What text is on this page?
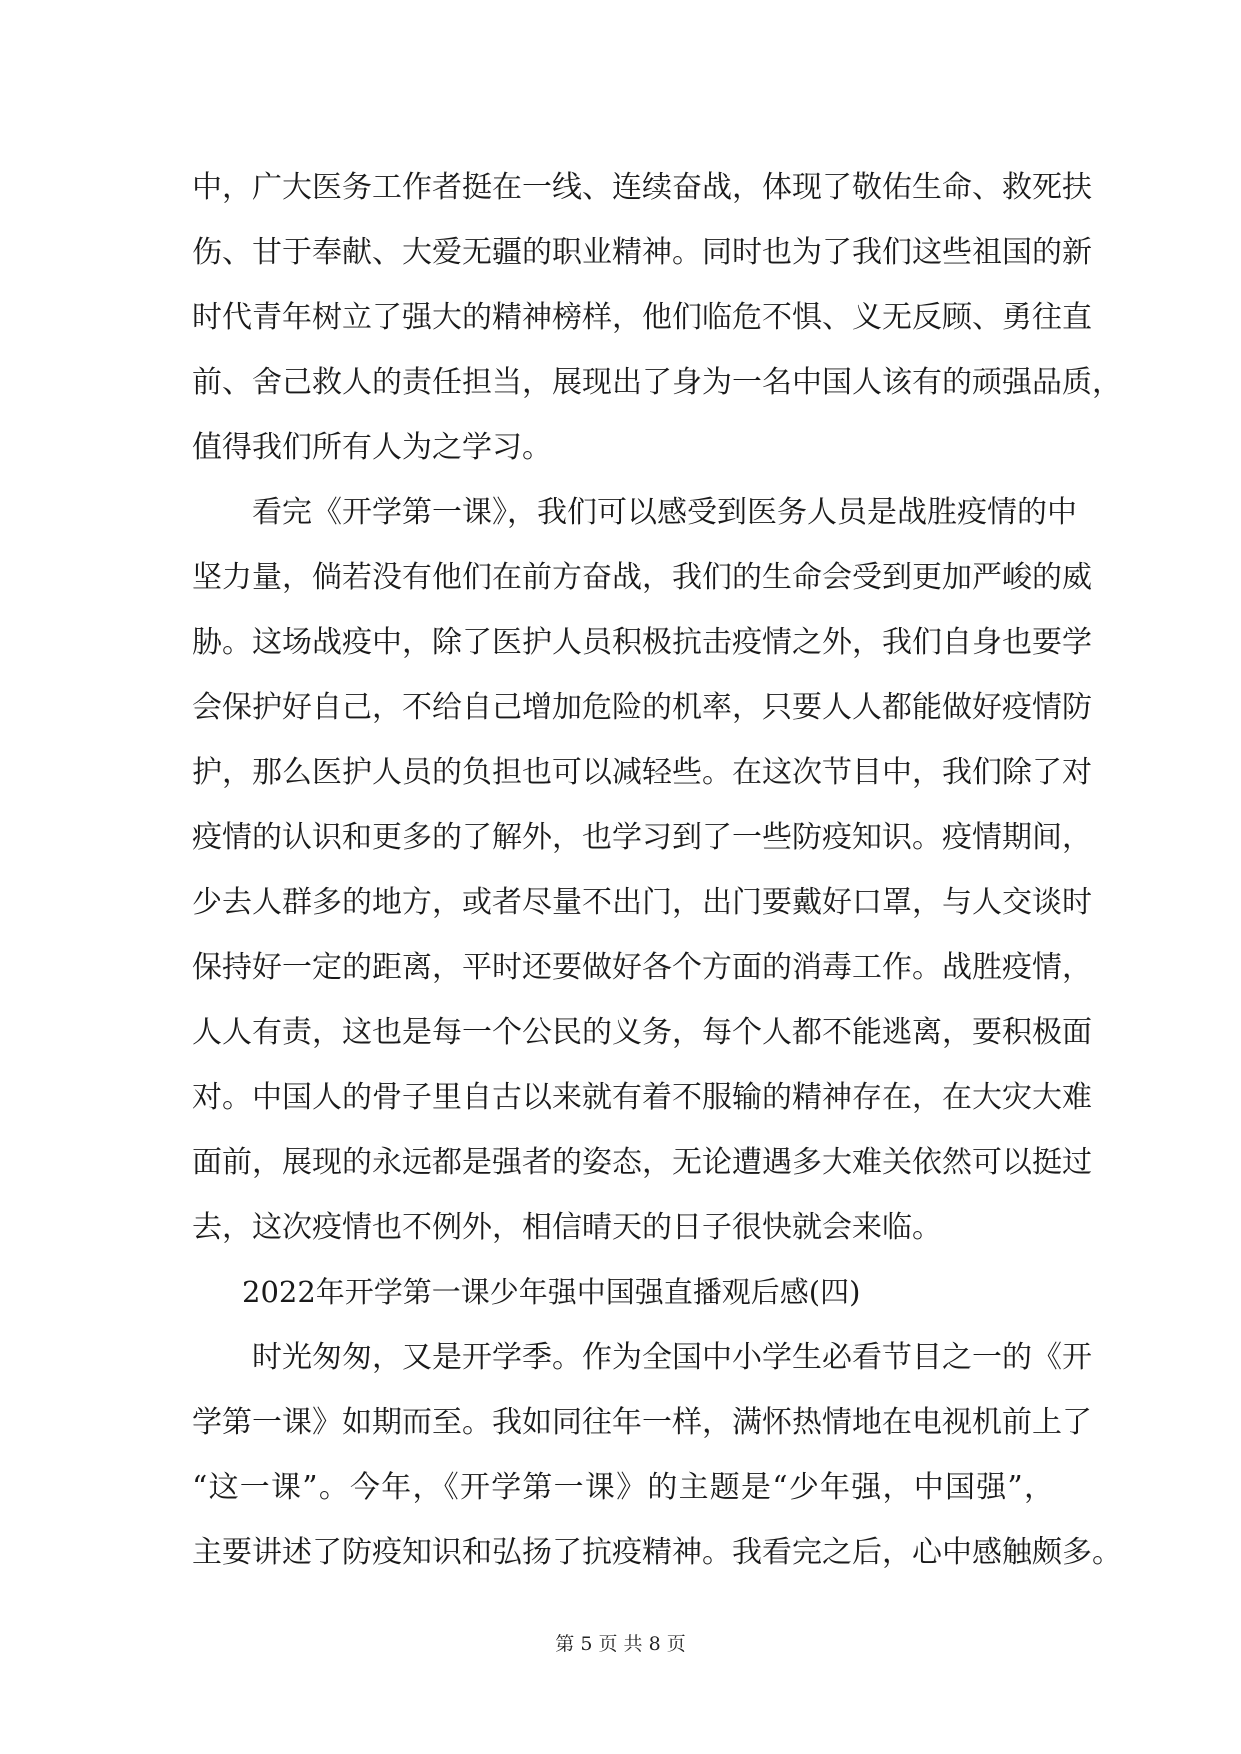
中，广大医务工作者挺在一线、连续奋战，体现了敬佑生命、救死扶
伤、甘于奉献、大爱无疆的职业精神。同时也为了我们这些祖国的新
时代青年树立了强大的精神榜样，他们临危不惧、义无反顾、勇往直
前、舍己救人的责任担当，展现出了身为一名中国人该有的顽强品质，
值得我们所有人为之学习。
看完《开学第一课》，我们可以感受到医务人员是战胜疫情的中
坚力量，倘若没有他们在前方奋战，我们的生命会受到更加严峻的威
胁。这场战疫中，除了医护人员积极抗击疫情之外，我们自身也要学
会保护好自己，不给自己增加危险的机率，只要人人都能做好疫情防
护，那么医护人员的负担也可以减轻些。在这次节目中，我们除了对
疫情的认识和更多的了解外，也学习到了一些防疫知识。疫情期间，
少去人群多的地方，或者尽量不出门，出门要戴好口罩，与人交谈时
保持好一定的距离，平时还要做好各个方面的消毒工作。战胜疫情，
人人有责，这也是每一个公民的义务，每个人都不能逃离，要积极面
对。中国人的骨子里自古以来就有着不服输的精神存在，在大灾大难
面前，展现的永远都是强者的姿态，无论遭遇多大难关依然可以挺过
去，这次疫情也不例外，相信晴天的日子很快就会来临。
2022年开学第一课少年强中国强直播观后感(四)
时光匆匆，又是开学季。作为全国中小学生必看节目之一的《开
学第一课》如期而至。我如同往年一样，满怀热情地在电视机前上了
“这一课”。今年，《开学第一课》的主题是“少年强，中国强”，
主要讲述了防疫知识和弘扬了抗疫精神。我看完之后，心中感触颇多。
第 5 页 共 8 页
